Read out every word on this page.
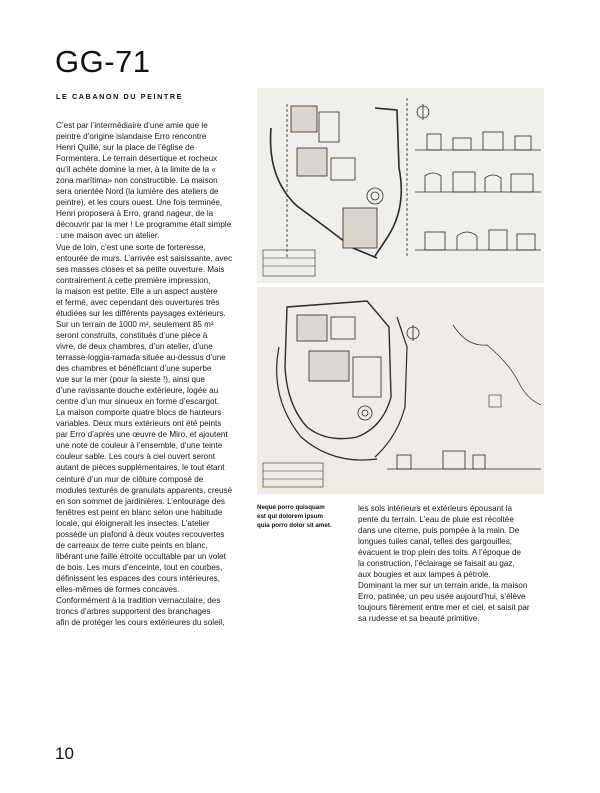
GG-71
LE CABANON DU PEINTRE

C’est par l’intermédiaire d’une amie que le

peintre d’origine islandaise Erro rencontre

Henri Quillé, sur la place de l’église de

Formentera. Le terrain désertique et rocheux

qu’il achète domine la mer, à la limite de la «

zona marítima» non constructible. La maison

sera orientée Nord (la lumière des ateliers de

peintre), et les cours ouest. Une fois terminée,

Henri proposera à Erro, grand nageur, de la

découvrir par la mer ! Le programme était simple

: une maison avec un atelier.

Vue de loin, c’est une sorte de forteresse,

entourée de murs. L’arrivée est saisissante, avec

ses masses closes et sa petite ouverture. Mais

contrairement à cette première impression,

la maison est petite. Elle a un aspect austère

et fermé, avec cependant des ouvertures très

étudiées sur les différents paysages extérieurs.

Sur un terrain de 1000 m², seulement 85 m²

seront construits, constitués d’une pièce à

vivre, de deux chambres, d’un atelier, d’une

terrasse-loggia-ramada située au-dessus d’une

des chambres et bénéficiant d’une superbe

vue sur la mer (pour la sieste !), ainsi que

d’une ravissante douche extérieure, logée au

centre d’un mur sinueux en forme d’escargot.

La maison comporte quatre blocs de hauteurs

variables. Deux murs extérieurs ont été peints

par Erro d’après une œuvre de Miro, et ajoutent

une note de couleur à l’ensemble, d’une teinte

couleur sable. Les cours à ciel ouvert seront

autant de pièces supplémentaires, le tout étant

ceinturé d’un mur de clôture composé de

modules texturés de granulats apparents, creusé

en son sommet de jardinières. L’entourage des

fenêtres est peint en blanc selon une habitude

locale, qui éloignerait les insectes. L’atelier

possède un plafond à deux voutes recouvertes

de carreaux de terre cuite peints en blanc,

libérant une faille étroite occultable par un volet

de bois. Les murs d’enceinte, tout en courbes,

définissent les espaces des cours intérieures,

elles-mêmes de formes concaves.

Conformément à la tradition vernaculaire, des

troncs d’arbres supportent des branchages

afin de protéger les cours extérieures du soleil,

Neque porro quisquam

est qui dolorem ipsum

quia porro dolor sit amet.

les sols intérieurs et extérieurs épousant la

pente du terrain. L’eau de pluie est récoltée

dans une citerne, puis pompée à la main. De

longues tuiles canal, telles des gargouilles,

évacuent le trop plein des toits. A l’époque de

la construction, l’éclairage se faisait au gaz,

aux bougies et aux lampes à pétrole.

Dominant la mer sur un terrain aride, la maison

Erro, patinée, un peu usée aujourd’hui, s’élève

toujours fièrement entre mer et ciel, et saisit par

sa rudesse et sa beauté primitive.

10
